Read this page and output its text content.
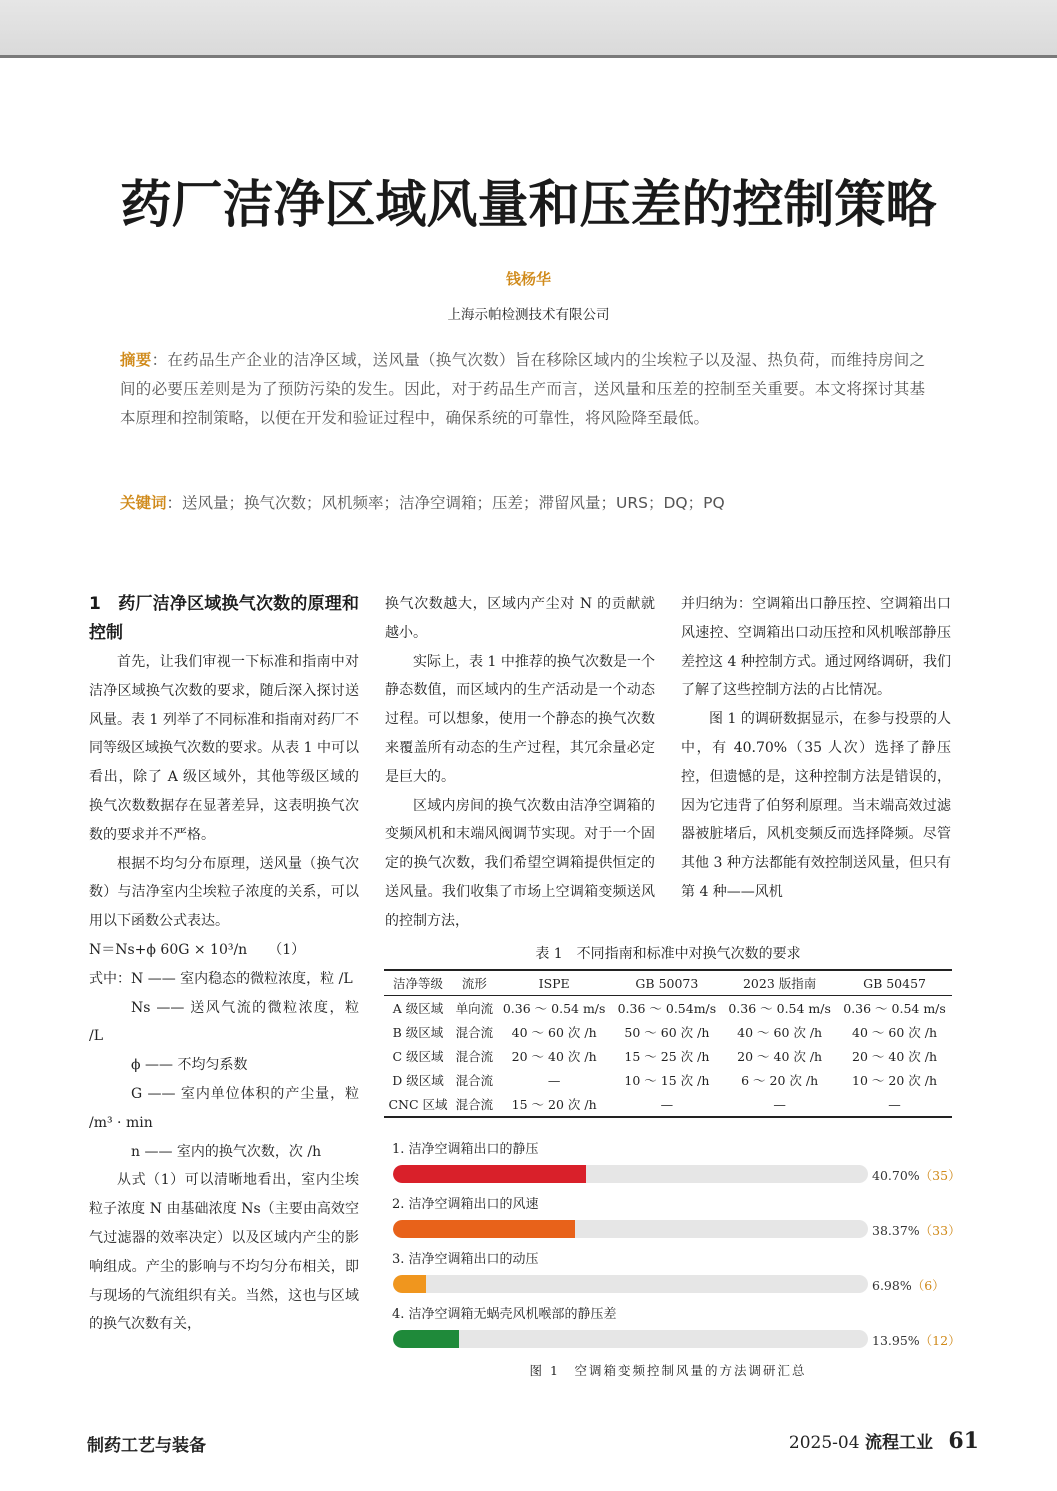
药厂洁净区域风量和压差的控制策略
钱杨华
上海示帕检测技术有限公司
摘要：在药品生产企业的洁净区域，送风量（换气次数）旨在移除区域内的尘埃粒子以及湿、热负荷，而维持房间之间的必要压差则是为了预防污染的发生。因此，对于药品生产而言，送风量和压差的控制至关重要。本文将探讨其基本原理和控制策略，以便在开发和验证过程中，确保系统的可靠性，将风险降至最低。
关键词：送风量；换气次数；风机频率；洁净空调箱；压差；滞留风量；URS；DQ；PQ

1　药厂洁净区域换气次数的原理和控制

首先，让我们审视一下标准和指南中对洁净区域换气次数的要求，随后深入探讨送风量。表 1 列举了不同标准和指南对药厂不同等级区域换气次数的要求。从表 1 中可以看出，除了 A 级区域外，其他等级区域的换气次数数据存在显著差异，这表明换气次数的要求并不严格。

根据不均匀分布原理，送风量（换气次数）与洁净室内尘埃粒子浓度的关系，可以用以下函数公式表达。

N＝Ns+ϕ 60G × 10³/n　　（1）

式中：N —— 室内稳态的微粒浓度，粒 /L

Ns —— 送风气流的微粒浓度，粒 /L

ϕ —— 不均匀系数

G —— 室内单位体积的产尘量，粒 /m³ · min

n —— 室内的换气次数，次 /h

从式（1）可以清晰地看出，室内尘埃粒子浓度 N 由基础浓度 Ns（主要由高效空气过滤器的效率决定）以及区域内产尘的影响组成。产尘的影响与不均匀分布相关，即与现场的气流组织有关。当然，这也与区域的换气次数有关，

换气次数越大，区域内产尘对 N 的贡献就越小。

实际上，表 1 中推荐的换气次数是一个静态数值，而区域内的生产活动是一个动态过程。可以想象，使用一个静态的换气次数来覆盖所有动态的生产过程，其冗余量必定是巨大的。

区域内房间的换气次数由洁净空调箱的变频风机和末端风阀调节实现。对于一个固定的换气次数，我们希望空调箱提供恒定的送风量。我们收集了市场上空调箱变频送风的控制方法，

并归纳为：空调箱出口静压控、空调箱出口风速控、空调箱出口动压控和风机喉部静压差控这 4 种控制方式。通过网络调研，我们了解了这些控制方法的占比情况。

图 1 的调研数据显示，在参与投票的人中，有 40.70%（35 人次）选择了静压控，但遗憾的是，这种控制方法是错误的，因为它违背了伯努利原理。当末端高效过滤器被脏堵后，风机变频反而选择降频。尽管其他 3 种方法都能有效控制送风量，但只有第 4 种——风机

表 1　不同指南和标准中对换气次数的要求
洁净等级	流形	ISPE	GB 50073	2023 版指南	GB 50457
A 级区域	单向流	0.36 ～ 0.54 m/s	0.36 ～ 0.54m/s	0.36 ～ 0.54 m/s	0.36 ～ 0.54 m/s
B 级区域	混合流	40 ～ 60 次 /h	50 ～ 60 次 /h	40 ～ 60 次 /h	40 ～ 60 次 /h
C 级区域	混合流	20 ～ 40 次 /h	15 ～ 25 次 /h	20 ～ 40 次 /h	20 ～ 40 次 /h
D 级区域	混合流	—	10 ～ 15 次 /h	6 ～ 20 次 /h	10 ～ 20 次 /h
CNC 区域	混合流	15 ～ 20 次 /h	—	—	—
1. 洁净空调箱出口的静压
40.70%（35）
2. 洁净空调箱出口的风速
38.37%（33）
3. 洁净空调箱出口的动压
6.98%（6）
4. 洁净空调箱无蜗壳风机喉部的静压差
13.95%（12）
图 1　空调箱变频控制风量的方法调研汇总
制药工艺与装备	2025-04 流程工业 61
